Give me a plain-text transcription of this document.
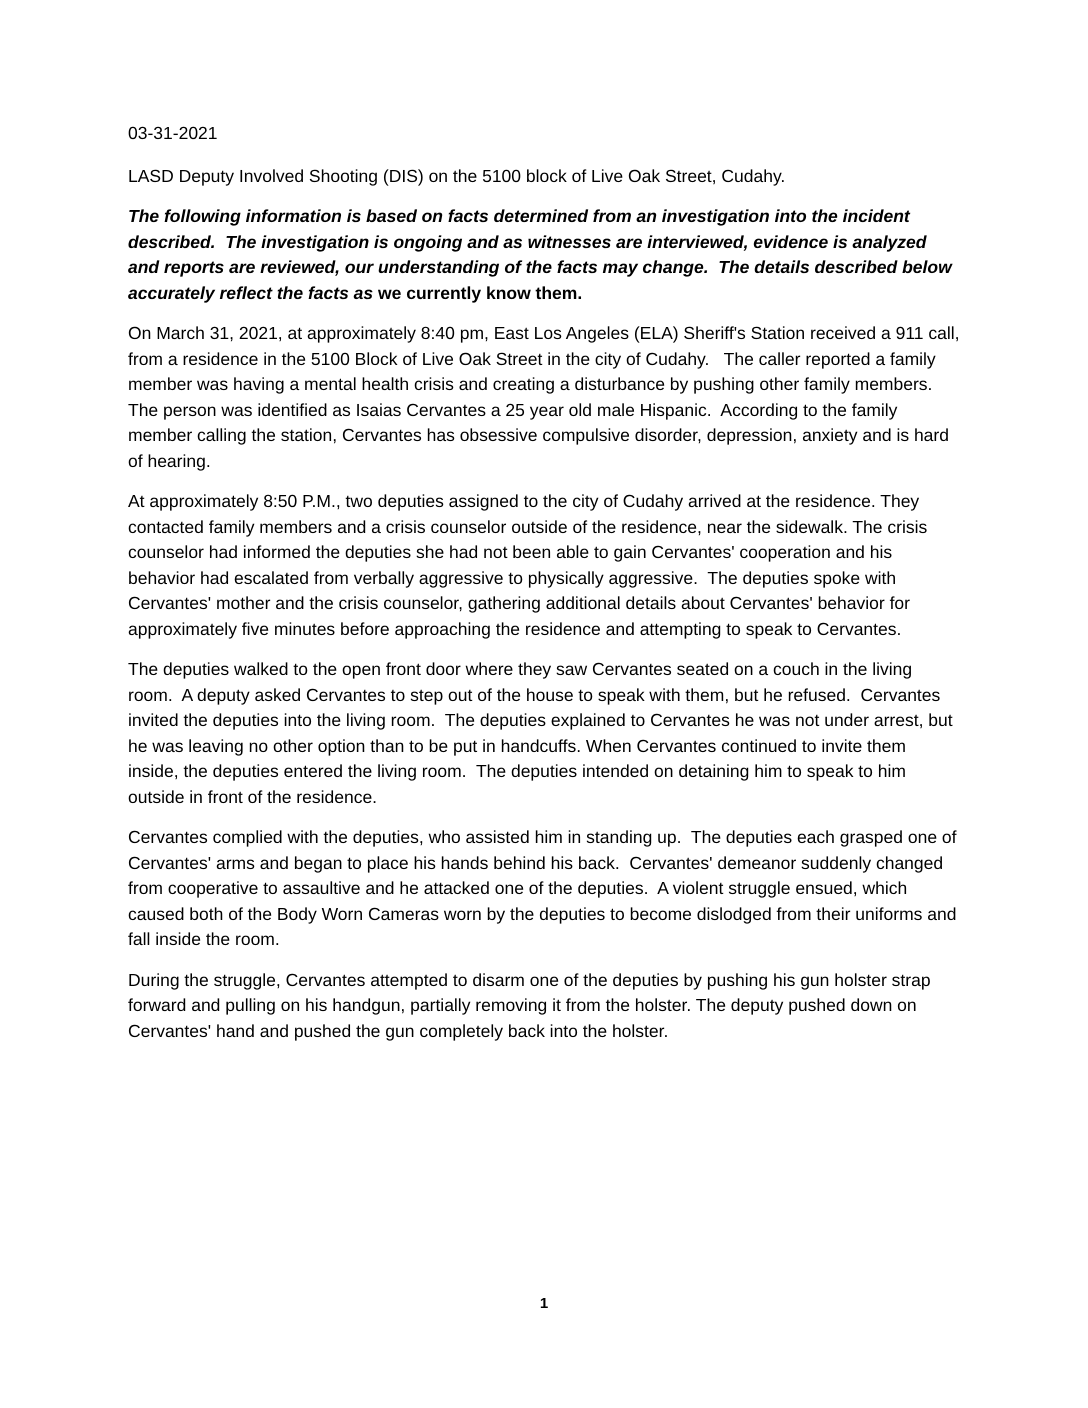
03-31-2021

LASD Deputy Involved Shooting (DIS) on the 5100 block of Live Oak Street, Cudahy.

The following information is based on facts determined from an investigation into the incident described.  The investigation is ongoing and as witnesses are interviewed, evidence is analyzed and reports are reviewed, our understanding of the facts may change.  The details described below accurately reflect the facts as we currently know them.

On March 31, 2021, at approximately 8:40 pm, East Los Angeles (ELA) Sheriff's Station received a 911 call, from a residence in the 5100 Block of Live Oak Street in the city of Cudahy.   The caller reported a family member was having a mental health crisis and creating a disturbance by pushing other family members.  The person was identified as Isaias Cervantes a 25 year old male Hispanic.  According to the family member calling the station, Cervantes has obsessive compulsive disorder, depression, anxiety and is hard of hearing.

At approximately 8:50 P.M., two deputies assigned to the city of Cudahy arrived at the residence. They contacted family members and a crisis counselor outside of the residence, near the sidewalk. The crisis counselor had informed the deputies she had not been able to gain Cervantes' cooperation and his behavior had escalated from verbally aggressive to physically aggressive.  The deputies spoke with Cervantes' mother and the crisis counselor, gathering additional details about Cervantes' behavior for approximately five minutes before approaching the residence and attempting to speak to Cervantes.

The deputies walked to the open front door where they saw Cervantes seated on a couch in the living room.  A deputy asked Cervantes to step out of the house to speak with them, but he refused.  Cervantes invited the deputies into the living room.  The deputies explained to Cervantes he was not under arrest, but he was leaving no other option than to be put in handcuffs. When Cervantes continued to invite them inside, the deputies entered the living room.  The deputies intended on detaining him to speak to him outside in front of the residence.

Cervantes complied with the deputies, who assisted him in standing up.  The deputies each grasped one of Cervantes' arms and began to place his hands behind his back.  Cervantes' demeanor suddenly changed from cooperative to assaultive and he attacked one of the deputies.  A violent struggle ensued, which caused both of the Body Worn Cameras worn by the deputies to become dislodged from their uniforms and fall inside the room.

During the struggle, Cervantes attempted to disarm one of the deputies by pushing his gun holster strap forward and pulling on his handgun, partially removing it from the holster. The deputy pushed down on Cervantes' hand and pushed the gun completely back into the holster.

1
